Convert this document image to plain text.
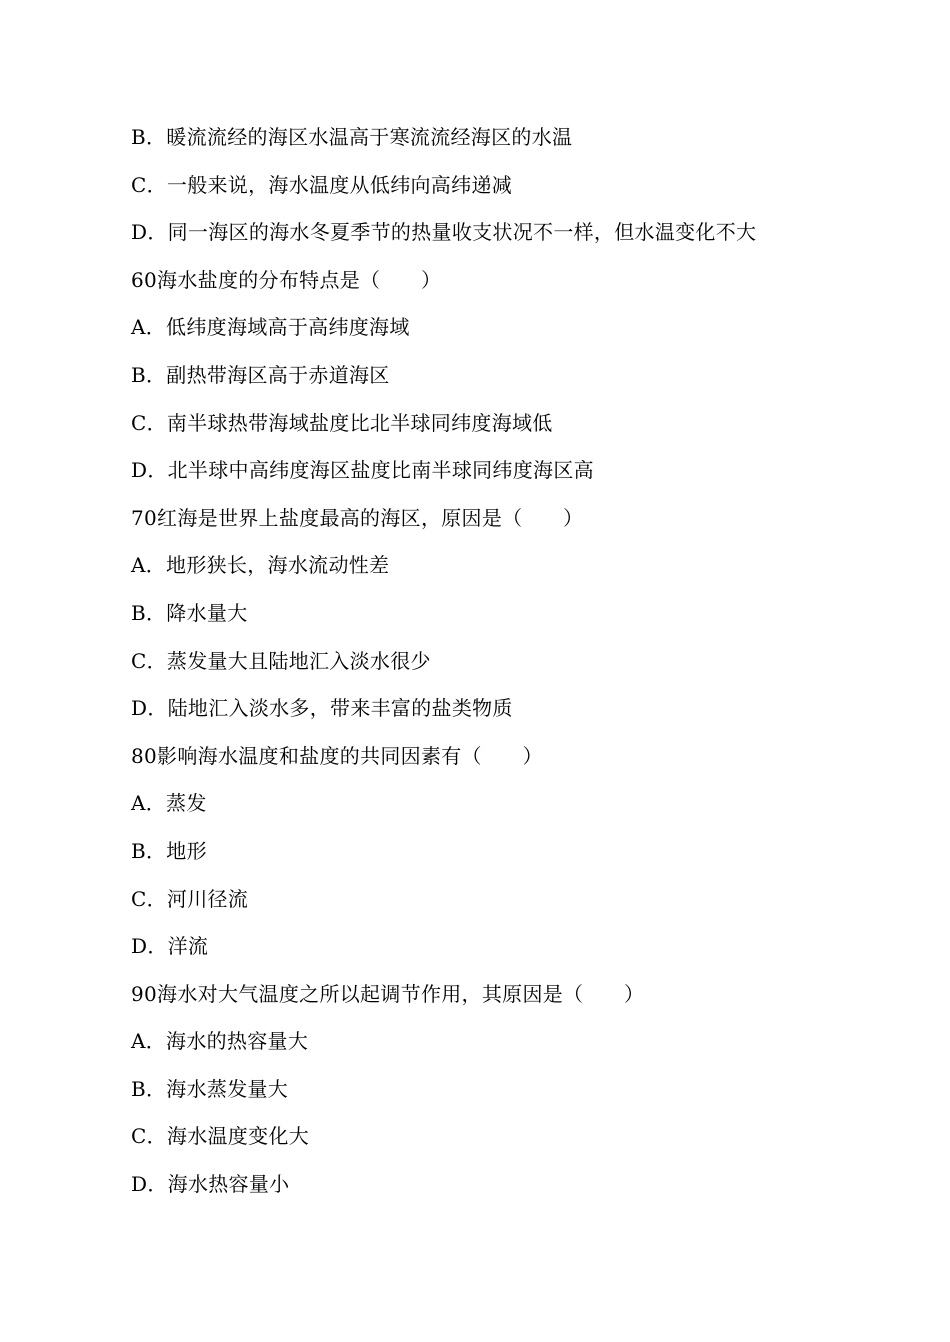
B．暖流流经的海区水温高于寒流流经海区的水温
C．一般来说，海水温度从低纬向高纬递减
D．同一海区的海水冬夏季节的热量收支状况不一样，但水温变化不大
60海水盐度的分布特点是（　　）
A．低纬度海域高于高纬度海域
B．副热带海区高于赤道海区
C．南半球热带海域盐度比北半球同纬度海域低
D．北半球中高纬度海区盐度比南半球同纬度海区高
70红海是世界上盐度最高的海区，原因是（　　）
A．地形狭长，海水流动性差
B．降水量大
C．蒸发量大且陆地汇入淡水很少
D．陆地汇入淡水多，带来丰富的盐类物质
80影响海水温度和盐度的共同因素有（　　）
A．蒸发
B．地形
C．河川径流
D．洋流
90海水对大气温度之所以起调节作用，其原因是（　　）
A．海水的热容量大
B．海水蒸发量大
C．海水温度变化大
D．海水热容量小
